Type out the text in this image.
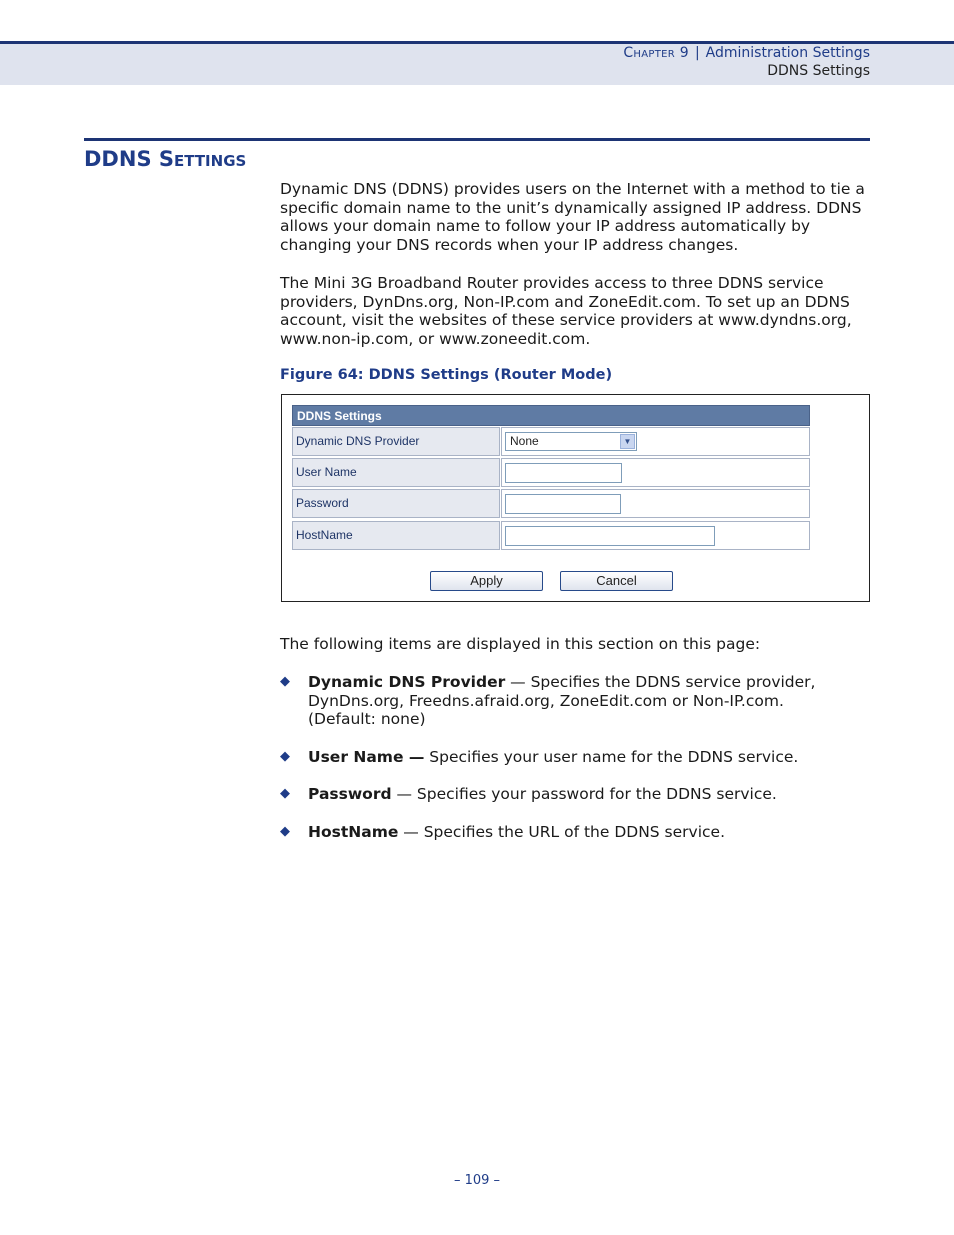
Chapter 9 | Administration Settings
DDNS Settings
DDNS Settings
Dynamic DNS (DDNS) provides users on the Internet with a method to tie a specific domain name to the unit’s dynamically assigned IP address. DDNS allows your domain name to follow your IP address automatically by changing your DNS records when your IP address changes.
The Mini 3G Broadband Router provides access to three DDNS service providers, DynDns.org, Non-IP.com and ZoneEdit.com. To set up an DDNS account, visit the websites of these service providers at www.dyndns.org, www.non-ip.com, or www.zoneedit.com.
Figure 64: DDNS Settings (Router Mode)
DDNS Settings
Dynamic DNS Provider	None	▼
User Name
Password
HostName
Apply	Cancel
The following items are displayed in this section on this page:
◆ Dynamic DNS Provider — Specifies the DDNS service provider, DynDns.org, Freedns.afraid.org, ZoneEdit.com or Non-IP.com. (Default: none)
◆ User Name — Specifies your user name for the DDNS service.
◆ Password — Specifies your password for the DDNS service.
◆ HostName — Specifies the URL of the DDNS service.
– 109 –
